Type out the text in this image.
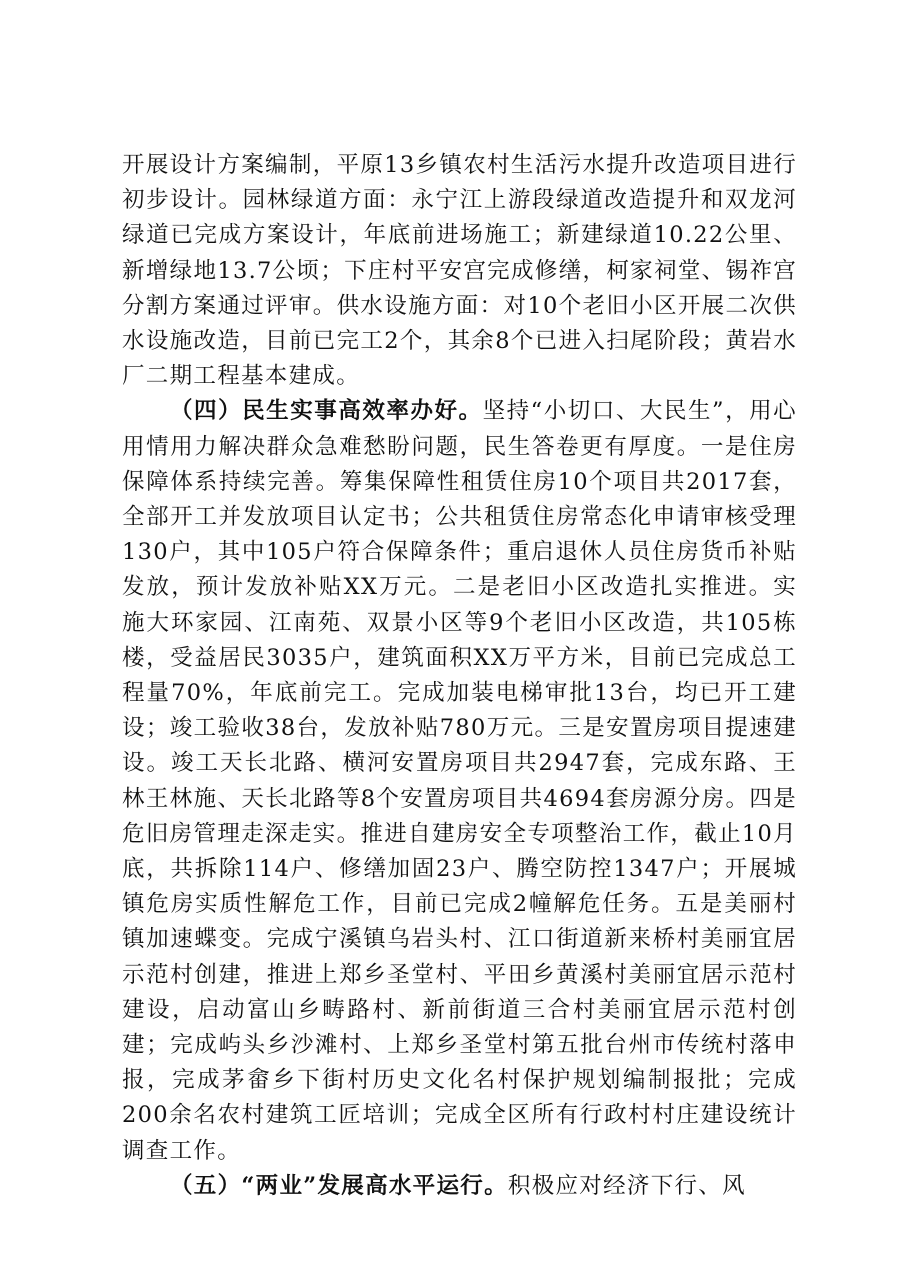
开展设计方案编制，平原13乡镇农村生活污水提升改造项目进行初步设计。园林绿道方面：永宁江上游段绿道改造提升和双龙河绿道已完成方案设计，年底前进场施工；新建绿道10.22公里、新增绿地13.7公顷；下庄村平安宫完成修缮，柯家祠堂、锡祚宫分割方案通过评审。供水设施方面：对10个老旧小区开展二次供水设施改造，目前已完工2个，其余8个已进入扫尾阶段；黄岩水厂二期工程基本建成。

（四）民生实事高效率办好。坚持“小切口、大民生”，用心用情用力解决群众急难愁盼问题，民生答卷更有厚度。一是住房保障体系持续完善。筹集保障性租赁住房10个项目共2017套，全部开工并发放项目认定书；公共租赁住房常态化申请审核受理130户，其中105户符合保障条件；重启退休人员住房货币补贴发放，预计发放补贴XX万元。二是老旧小区改造扎实推进。实施大环家园、江南苑、双景小区等9个老旧小区改造，共105栋楼，受益居民3035户，建筑面积XX万平方米，目前已完成总工程量70%，年底前完工。完成加装电梯审批13台，均已开工建设；竣工验收38台，发放补贴780万元。三是安置房项目提速建设。竣工天长北路、横河安置房项目共2947套，完成东路、王林王林施、天长北路等8个安置房项目共4694套房源分房。四是危旧房管理走深走实。推进自建房安全专项整治工作，截止10月底，共拆除114户、修缮加固23户、腾空防控1347户；开展城镇危房实质性解危工作，目前已完成2幢解危任务。五是美丽村镇加速蝶变。完成宁溪镇乌岩头村、江口街道新来桥村美丽宜居示范村创建，推进上郑乡圣堂村、平田乡黄溪村美丽宜居示范村建设，启动富山乡畴路村、新前街道三合村美丽宜居示范村创建；完成屿头乡沙滩村、上郑乡圣堂村第五批台州市传统村落申报，完成茅畲乡下街村历史文化名村保护规划编制报批；完成200余名农村建筑工匠培训；完成全区所有行政村村庄建设统计调查工作。

（五）“两业”发展高水平运行。积极应对经济下行、风
